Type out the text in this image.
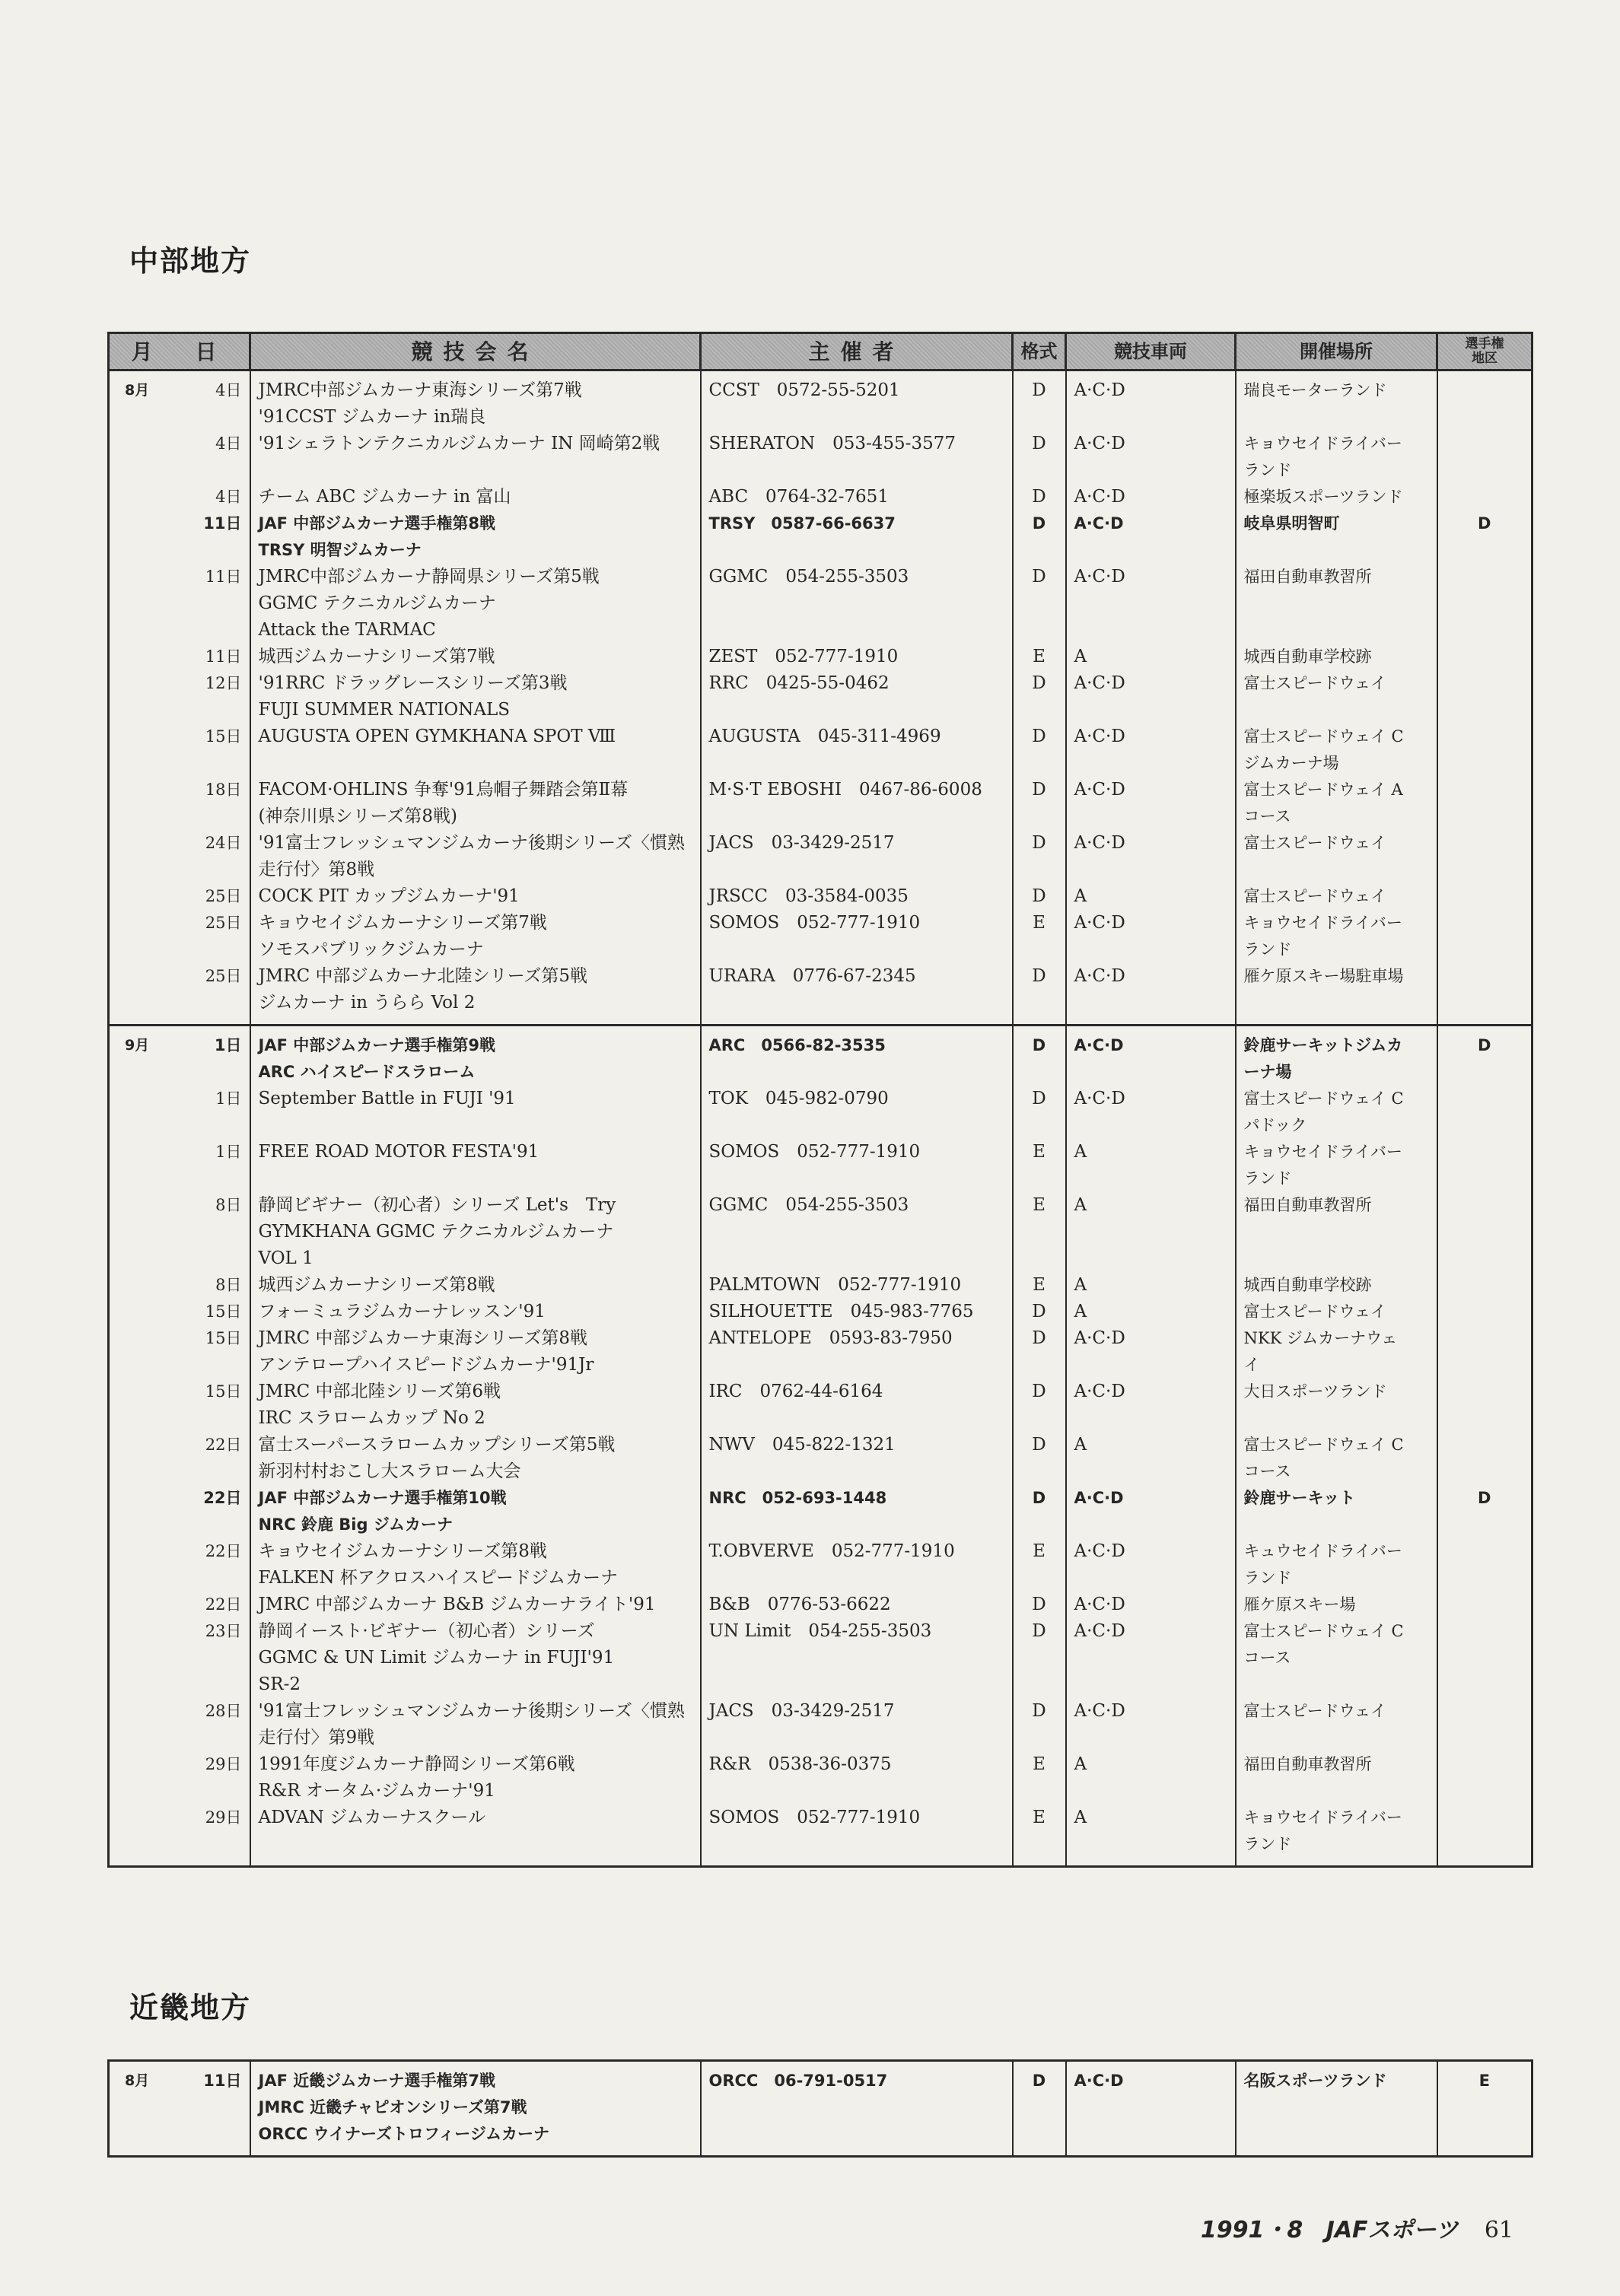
中部地方
月　日	競技会名	主催者	格式	競技車両	開催場所	選手権
地区

8月 4日	JMRC中部ジムカーナ東海シリーズ第7戦
'91CCST ジムカーナ in瑞良	CCST　0572-55-5201	D	A·C·D	瑞良モーターランド	

4日	'91シェラトンテクニカルジムカーナ IN 岡崎第2戦	SHERATON　053-455-3577	D	A·C·D	キョウセイドライバー
ランド	

4日	チーム ABC ジムカーナ in 富山	ABC　0764-32-7651	D	A·C·D	極楽坂スポーツランド	

11日	JAF 中部ジムカーナ選手権第8戦
TRSY 明智ジムカーナ	TRSY　0587-66-6637	D	A·C·D	岐阜県明智町	D

11日	JMRC中部ジムカーナ静岡県シリーズ第5戦
GGMC テクニカルジムカーナ
Attack the TARMAC	GGMC　054-255-3503	D	A·C·D	福田自動車教習所	

11日	城西ジムカーナシリーズ第7戦	ZEST　052-777-1910	E	A	城西自動車学校跡	

12日	'91RRC ドラッグレースシリーズ第3戦
FUJI SUMMER NATIONALS	RRC　0425-55-0462	D	A·C·D	富士スピードウェイ	

15日	AUGUSTA OPEN GYMKHANA SPOT Ⅷ	AUGUSTA　045-311-4969	D	A·C·D	富士スピードウェイ C
ジムカーナ場	

18日	FACOM·OHLINS 争奪'91烏帽子舞踏会第Ⅱ幕
(神奈川県シリーズ第8戦)	M·S·T EBOSHI　0467-86-6008	D	A·C·D	富士スピードウェイ A
コース	

24日	'91富士フレッシュマンジムカーナ後期シリーズ〈慣熟
走行付〉第8戦	JACS　03-3429-2517	D	A·C·D	富士スピードウェイ	

25日	COCK PIT カップジムカーナ'91	JRSCC　03-3584-0035	D	A	富士スピードウェイ	

25日	キョウセイジムカーナシリーズ第7戦
ソモスパブリックジムカーナ	SOMOS　052-777-1910	E	A·C·D	キョウセイドライバー
ランド	

25日	JMRC 中部ジムカーナ北陸シリーズ第5戦
ジムカーナ in うらら Vol 2	URARA　0776-67-2345	D	A·C·D	雁ケ原スキー場駐車場	

9月 1日	JAF 中部ジムカーナ選手権第9戦
ARC ハイスピードスラローム	ARC　0566-82-3535	D	A·C·D	鈴鹿サーキットジムカ
ーナ場	D

1日	September Battle in FUJI '91	TOK　045-982-0790	D	A·C·D	富士スピードウェイ C
パドック	

1日	FREE ROAD MOTOR FESTA'91	SOMOS　052-777-1910	E	A	キョウセイドライバー
ランド	

8日	静岡ビギナー（初心者）シリーズ Let's　Try
GYMKHANA GGMC テクニカルジムカーナ
VOL 1	GGMC　054-255-3503	E	A	福田自動車教習所	

8日	城西ジムカーナシリーズ第8戦	PALMTOWN　052-777-1910	E	A	城西自動車学校跡	

15日	フォーミュラジムカーナレッスン'91	SILHOUETTE　045-983-7765	D	A	富士スピードウェイ	

15日	JMRC 中部ジムカーナ東海シリーズ第8戦
アンテロープハイスピードジムカーナ'91Jr	ANTELOPE　0593-83-7950	D	A·C·D	NKK ジムカーナウェ
イ	

15日	JMRC 中部北陸シリーズ第6戦
IRC スラロームカップ No 2	IRC　0762-44-6164	D	A·C·D	大日スポーツランド	

22日	富士スーパースラロームカップシリーズ第5戦
新羽村村おこし大スラローム大会	NWV　045-822-1321	D	A	富士スピードウェイ C
コース	

22日	JAF 中部ジムカーナ選手権第10戦
NRC 鈴鹿 Big ジムカーナ	NRC　052-693-1448	D	A·C·D	鈴鹿サーキット	D

22日	キョウセイジムカーナシリーズ第8戦
FALKEN 杯アクロスハイスピードジムカーナ	T.OBVERVE　052-777-1910	E	A·C·D	キュウセイドライバー
ランド	

22日	JMRC 中部ジムカーナ B&B ジムカーナライト'91	B&B　0776-53-6622	D	A·C·D	雁ケ原スキー場	

23日	静岡イースト·ビギナー（初心者）シリーズ
GGMC & UN Limit ジムカーナ in FUJI'91
SR-2	UN Limit　054-255-3503	D	A·C·D	富士スピードウェイ C
コース	

28日	'91富士フレッシュマンジムカーナ後期シリーズ〈慣熟
走行付〉第9戦	JACS　03-3429-2517	D	A·C·D	富士スピードウェイ	

29日	1991年度ジムカーナ静岡シリーズ第6戦
R&R オータム·ジムカーナ'91	R&R　0538-36-0375	E	A	福田自動車教習所	

29日	ADVAN ジムカーナスクール	SOMOS　052-777-1910	E	A	キョウセイドライバー
ランド	

近畿地方
8月	11日	JAF 近畿ジムカーナ選手権第7戦
JMRC 近畿チャピオンシリーズ第7戦
ORCC ウイナーズトロフィージムカーナ

ORCC　06-791-0517	D	A·C·D	名阪スポーツランド	E
1991・8 JAFスポーツ 61
